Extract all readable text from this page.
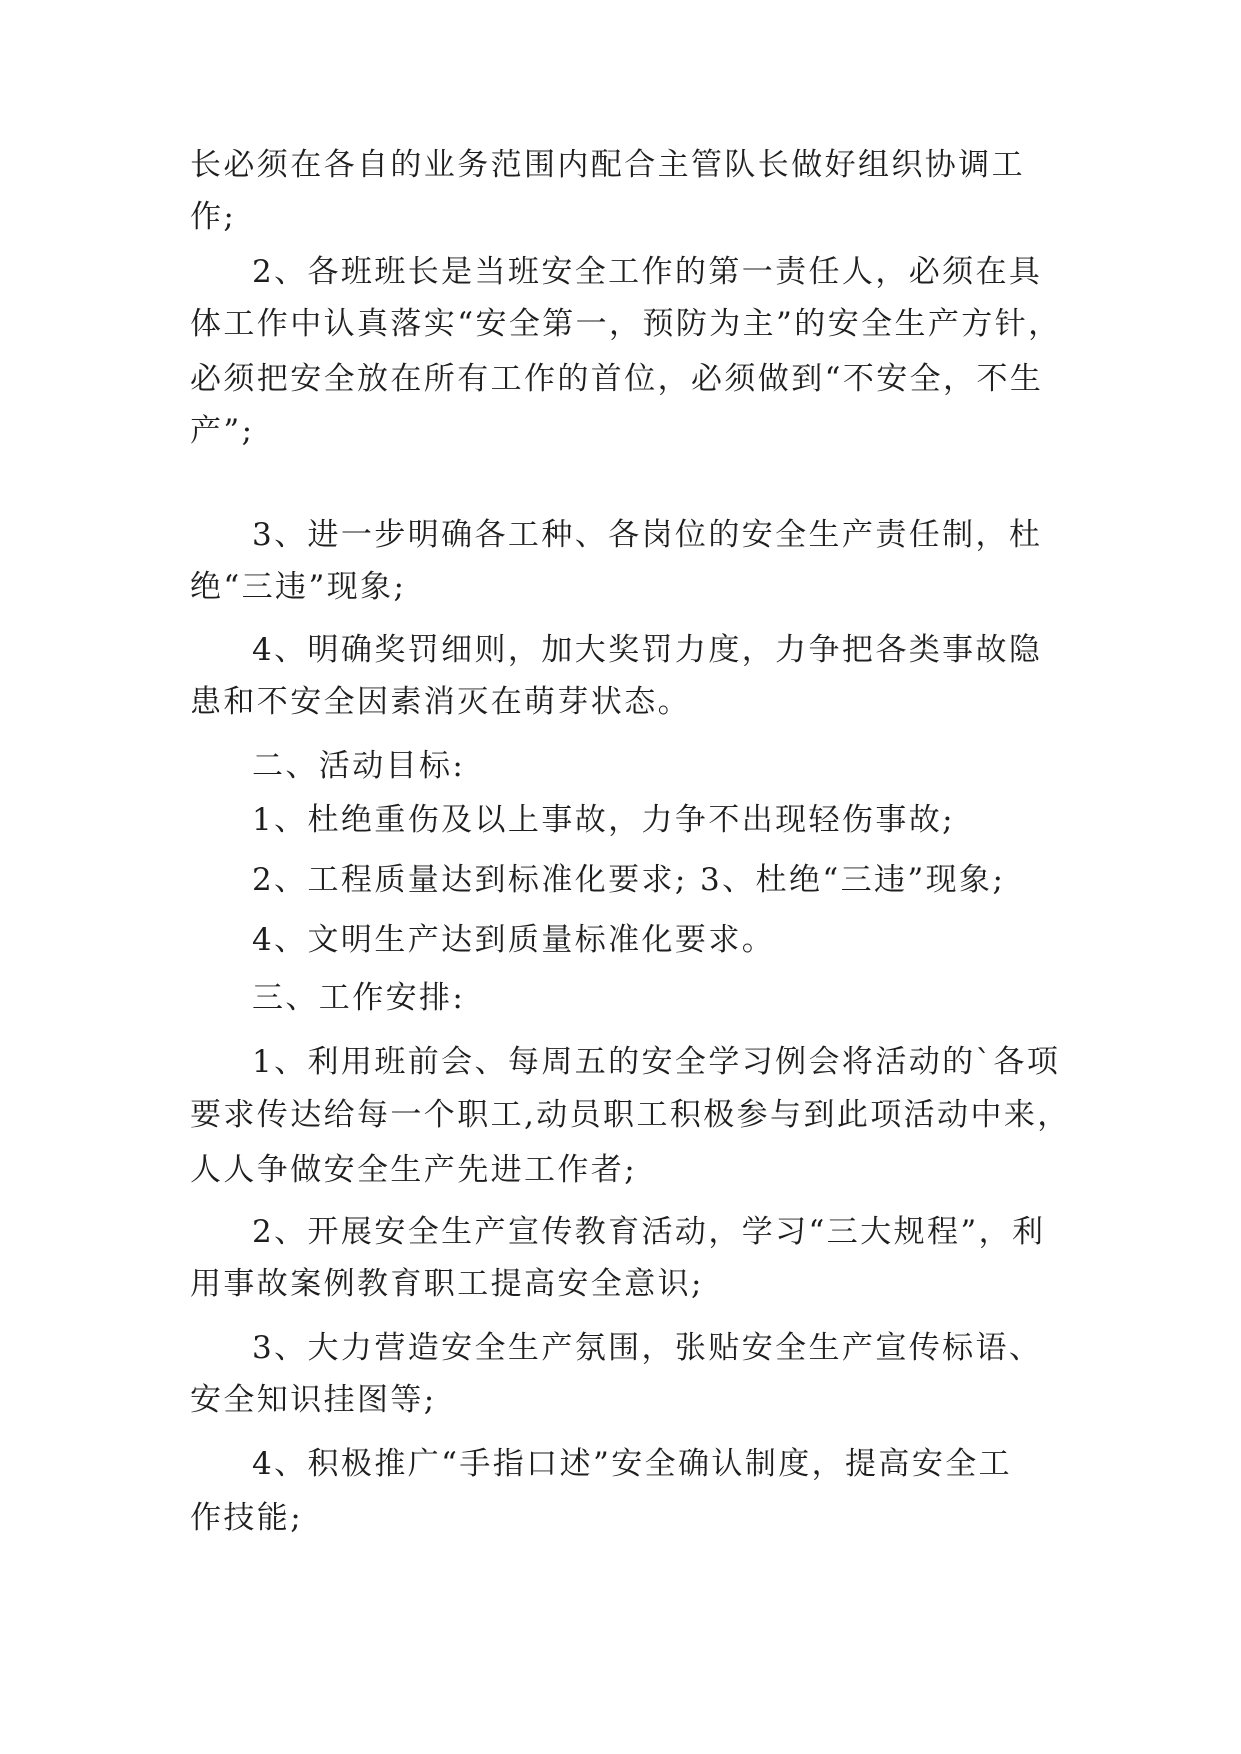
长必须在各自的业务范围内配合主管队长做好组织协调工
作;
2、各班班长是当班安全工作的第一责任人，必须在具
体工作中认真落实“安全第一，预防为主”的安全生产方针，
必须把安全放在所有工作的首位，必须做到“不安全，不生
产”;
3、进一步明确各工种、各岗位的安全生产责任制，杜
绝“三违”现象;
4、明确奖罚细则，加大奖罚力度，力争把各类事故隐
患和不安全因素消灭在萌芽状态。
二、活动目标:
1、杜绝重伤及以上事故，力争不出现轻伤事故;
2、工程质量达到标准化要求; 3、杜绝“三违”现象;
4、文明生产达到质量标准化要求。
三、工作安排:
1、利用班前会、每周五的安全学习例会将活动的`各项
要求传达给每一个职工,动员职工积极参与到此项活动中来，
人人争做安全生产先进工作者;
2、开展安全生产宣传教育活动，学习“三大规程”，利
用事故案例教育职工提高安全意识;
3、大力营造安全生产氛围，张贴安全生产宣传标语、
安全知识挂图等;
4、积极推广“手指口述”安全确认制度，提高安全工
作技能;
